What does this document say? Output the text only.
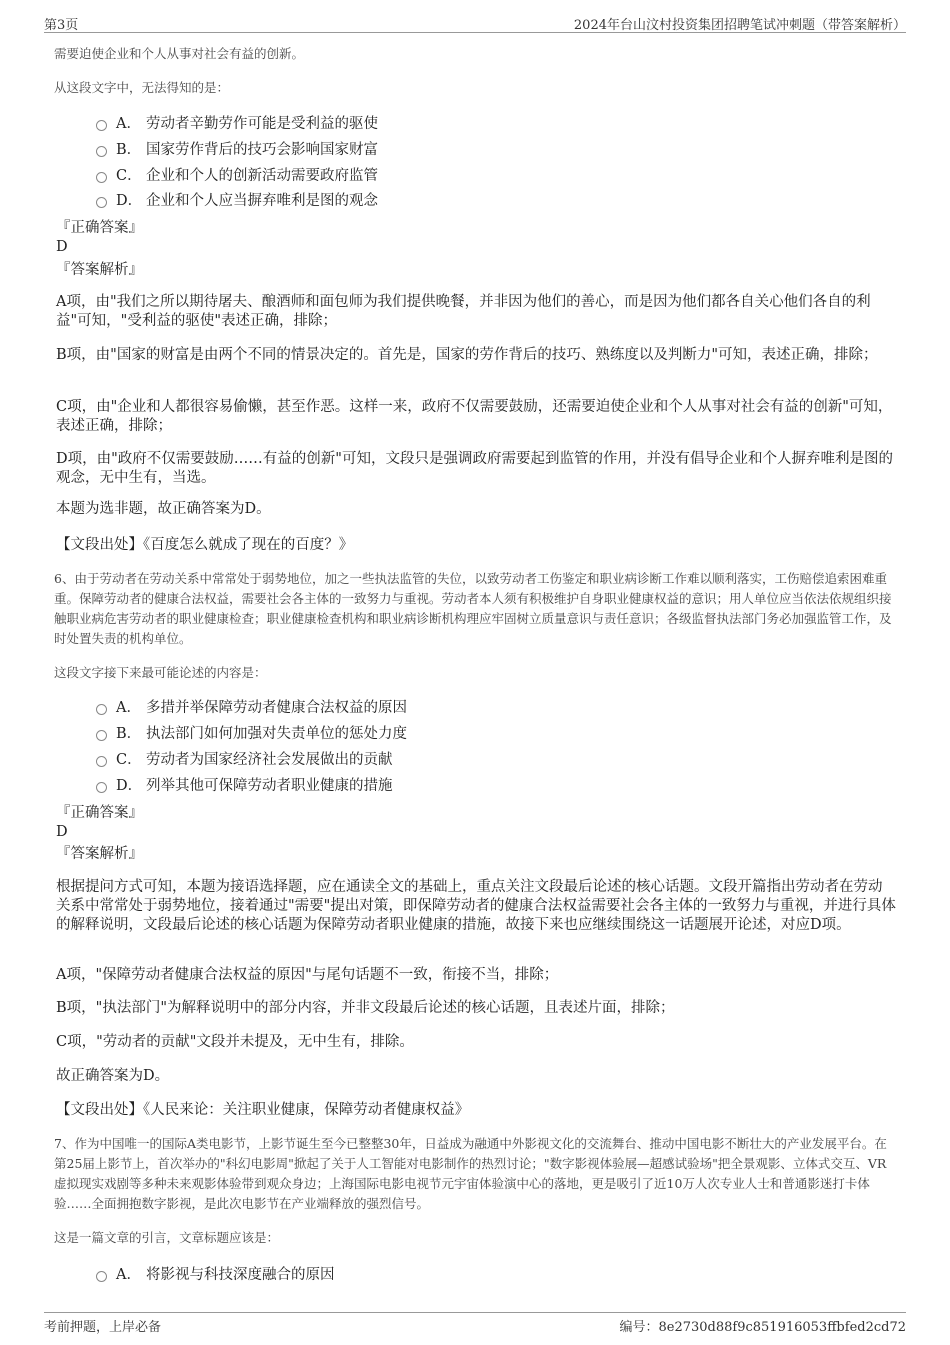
第3页	2024年台山汶村投资集团招聘笔试冲刺题（带答案解析）

需要迫使企业和个人从事对社会有益的创新。

从这段文字中，无法得知的是：

A． 劳动者辛勤劳作可能是受利益的驱使
B． 国家劳作背后的技巧会影响国家财富
C． 企业和个人的创新活动需要政府监管
D． 企业和个人应当摒弃唯利是图的观念

『正确答案』

D

『答案解析』

A项，由"我们之所以期待屠夫、酿酒师和面包师为我们提供晚餐，并非因为他们的善心，而是因为他们都各自关心他们各自的利益"可知，"受利益的驱使"表述正确，排除；

B项，由"国家的财富是由两个不同的情景决定的。首先是，国家的劳作背后的技巧、熟练度以及判断力"可知，表述正确，排除；

C项，由"企业和人都很容易偷懒，甚至作恶。这样一来，政府不仅需要鼓励，还需要迫使企业和个人从事对社会有益的创新"可知，表述正确，排除；

D项，由"政府不仅需要鼓励……有益的创新"可知，文段只是强调政府需要起到监管的作用，并没有倡导企业和个人摒弃唯利是图的观念，无中生有，当选。

本题为选非题，故正确答案为D。

【文段出处】《百度怎么就成了现在的百度？》

6、由于劳动者在劳动关系中常常处于弱势地位，加之一些执法监管的失位，以致劳动者工伤鉴定和职业病诊断工作难以顺利落实，工伤赔偿追索困难重重。保障劳动者的健康合法权益，需要社会各主体的一致努力与重视。劳动者本人须有积极维护自身职业健康权益的意识；用人单位应当依法依规组织接触职业病危害劳动者的职业健康检查；职业健康检查机构和职业病诊断机构理应牢固树立质量意识与责任意识；各级监督执法部门务必加强监管工作，及时处置失责的机构单位。

这段文字接下来最可能论述的内容是：

A． 多措并举保障劳动者健康合法权益的原因
B． 执法部门如何加强对失责单位的惩处力度
C． 劳动者为国家经济社会发展做出的贡献
D． 列举其他可保障劳动者职业健康的措施

『正确答案』

D

『答案解析』

根据提问方式可知，本题为接语选择题，应在通读全文的基础上，重点关注文段最后论述的核心话题。文段开篇指出劳动者在劳动关系中常常处于弱势地位，接着通过"需要"提出对策，即保障劳动者的健康合法权益需要社会各主体的一致努力与重视，并进行具体的解释说明，文段最后论述的核心话题为保障劳动者职业健康的措施，故接下来也应继续围绕这一话题展开论述，对应D项。

A项，"保障劳动者健康合法权益的原因"与尾句话题不一致，衔接不当，排除；

B项，"执法部门"为解释说明中的部分内容，并非文段最后论述的核心话题，且表述片面，排除；

C项，"劳动者的贡献"文段并未提及，无中生有，排除。

故正确答案为D。

【文段出处】《人民来论：关注职业健康，保障劳动者健康权益》

7、作为中国唯一的国际A类电影节，上影节诞生至今已整整30年，日益成为融通中外影视文化的交流舞台、推动中国电影不断壮大的产业发展平台。在第25届上影节上，首次举办的"科幻电影周"掀起了关于人工智能对电影制作的热烈讨论；"数字影视体验展—超感试验场"把全景观影、立体式交互、VR虚拟现实戏剧等多种未来观影体验带到观众身边；上海国际电影电视节元宇宙体验演中心的落地，更是吸引了近10万人次专业人士和普通影迷打卡体验……全面拥抱数字影视，是此次电影节在产业端释放的强烈信号。

这是一篇文章的引言，文章标题应该是：

A． 将影视与科技深度融合的原因
考前押题，上岸必备	编号：8e2730d88f9c851916053ffbfed2cd72
